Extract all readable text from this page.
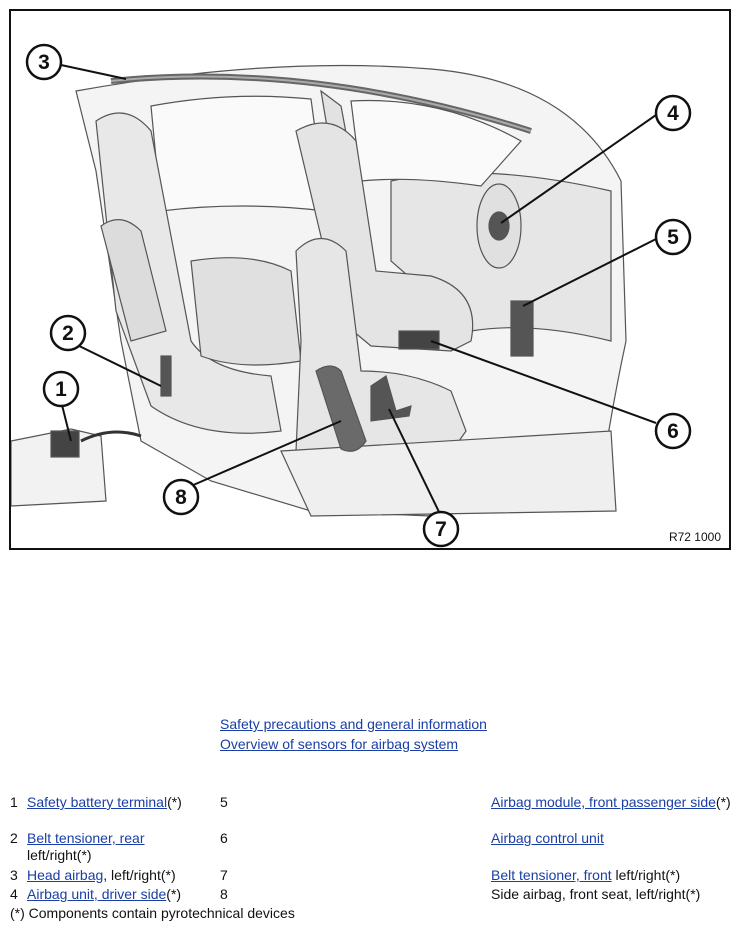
1
2
3
4
5
6
7
8
R72 1000
Safety precautions and general information
Overview of sensors for airbag system
1 Safety battery terminal(*)
2 Belt tensioner, rear
left/right(*)
3 Head airbag, left/right(*)
4 Airbag unit, driver side(*)
5
6
7
8
Airbag module, front passenger side(*)
Airbag control unit
Belt tensioner, front left/right(*)
Side airbag, front seat, left/right(*)
(*) Components contain pyrotechnical devices
